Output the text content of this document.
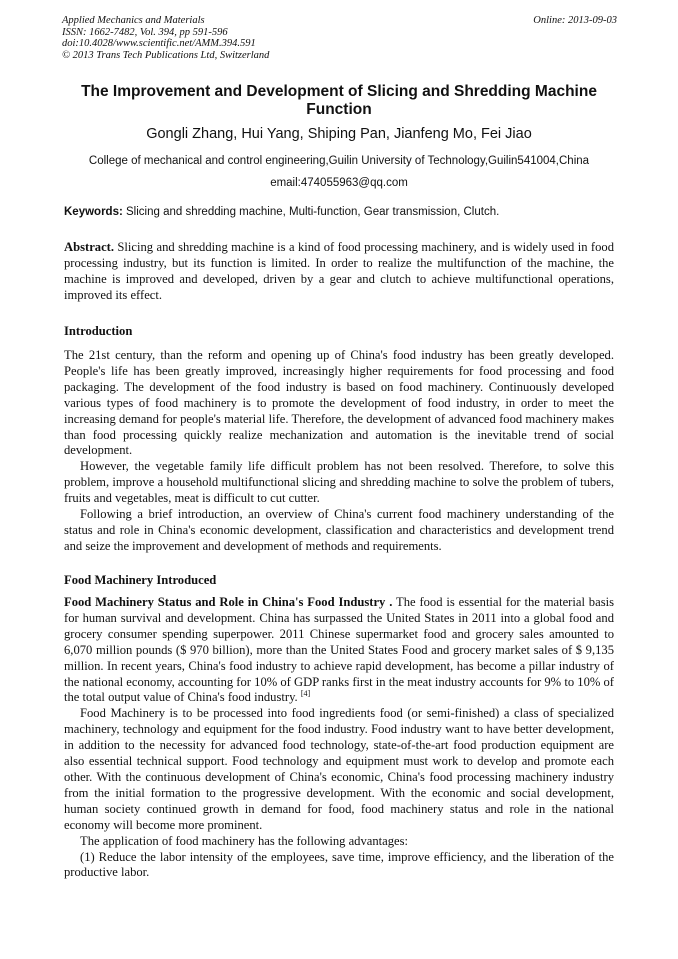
Applied Mechanics and Materials
ISSN: 1662-7482, Vol. 394, pp 591-596
doi:10.4028/www.scientific.net/AMM.394.591
© 2013 Trans Tech Publications Ltd, Switzerland
Online: 2013-09-03
The Improvement and Development of Slicing and Shredding Machine Function
Gongli Zhang, Hui Yang, Shiping Pan, Jianfeng Mo, Fei Jiao
College of mechanical and control engineering,Guilin University of Technology,Guilin541004,China
email:474055963@qq.com
Keywords: Slicing and shredding machine, Multi-function, Gear transmission, Clutch.

Abstract. Slicing and shredding machine is a kind of food processing machinery, and is widely used in food processing industry, but its function is limited. In order to realize the multifunction of the machine, the machine is improved and developed, driven by a gear and clutch to achieve multifunctional operations, improved its effect.

Introduction

The 21st century, than the reform and opening up of China's food industry has been greatly developed. People's life has been greatly improved, increasingly higher requirements for food processing and food packaging. The development of the food industry is based on food machinery. Continuously developed various types of food machinery is to promote the development of food industry, in order to meet the increasing demand for people's material life. Therefore, the development of advanced food machinery makes than food processing quickly realize mechanization and automation is the inevitable trend of social development.

However, the vegetable family life difficult problem has not been resolved. Therefore, to solve this problem, improve a household multifunctional slicing and shredding machine to solve the problem of tubers, fruits and vegetables, meat is difficult to cut cutter.

Following a brief introduction, an overview of China's current food machinery understanding of the status and role in China's economic development, classification and characteristics and development trend and seize the improvement and development of methods and requirements.

Food Machinery Introduced

Food Machinery Status and Role in China's Food Industry . The food is essential for the material basis for human survival and development. China has surpassed the United States in 2011 into a global food and grocery consumer spending superpower. 2011 Chinese supermarket food and grocery sales amounted to 6,070 million pounds ($ 970 billion), more than the United States Food and grocery market sales of $ 9,135 million. In recent years, China's food industry to achieve rapid development, has become a pillar industry of the national economy, accounting for 10% of GDP ranks first in the meat industry accounts for 9% to 10% of the total output value of China's food industry. [4]

Food Machinery is to be processed into food ingredients food (or semi-finished) a class of specialized machinery, technology and equipment for the food industry. Food industry want to have better development, in addition to the necessity for advanced food technology, state-of-the-art food production equipment are also essential technical support. Food technology and equipment must work to develop and promote each other. With the continuous development of China's economic, China's food processing machinery industry from the initial formation to the progressive development. With the economic and social development, human society continued growth in demand for food, food machinery status and role in the national economy will become more prominent.

The application of food machinery has the following advantages:

(1) Reduce the labor intensity of the employees, save time, improve efficiency, and the liberation of the productive labor.
